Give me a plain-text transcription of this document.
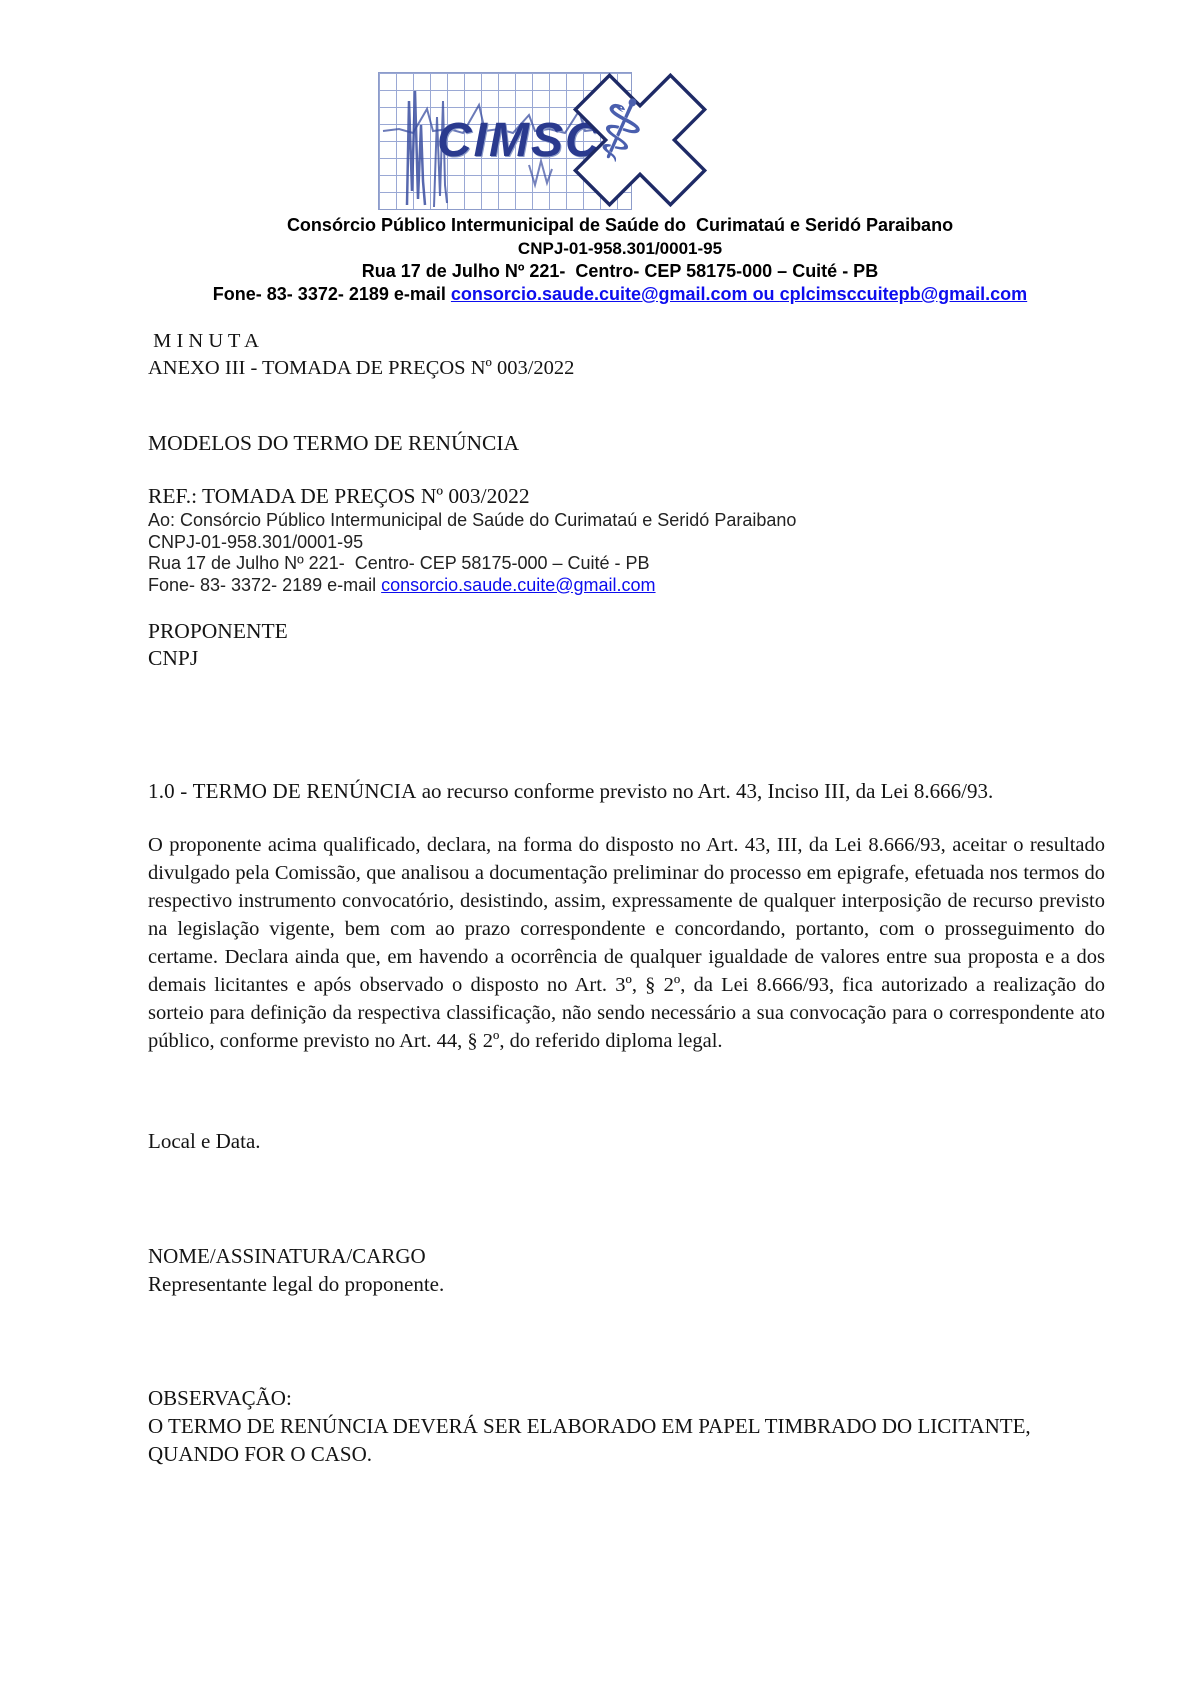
CIMSC
⚕
Consórcio Público Intermunicipal de Saúde do  Curimataú e Seridó Paraibano
CNPJ-01-958.301/0001-95
Rua 17 de Julho Nº 221-  Centro- CEP 58175-000 – Cuité - PB
Fone- 83- 3372- 2189 e-mail consorcio.saude.cuite@gmail.com ou cplcimsccuitepb@gmail.com
M I N U T A
ANEXO III - TOMADA DE PREÇOS Nº 003/2022
MODELOS DO TERMO DE RENÚNCIA
REF.: TOMADA DE PREÇOS Nº 003/2022
Ao: Consórcio Público Intermunicipal de Saúde do Curimataú e Seridó Paraibano
CNPJ-01-958.301/0001-95
Rua 17 de Julho Nº 221-  Centro- CEP 58175-000 – Cuité - PB
Fone- 83- 3372- 2189 e-mail consorcio.saude.cuite@gmail.com
PROPONENTE
CNPJ
1.0 - TERMO DE RENÚNCIA ao recurso conforme previsto no Art. 43, Inciso III, da Lei 8.666/93.
O proponente acima qualificado, declara, na forma do disposto no Art. 43, III, da Lei 8.666/93, aceitar o resultado divulgado pela Comissão, que analisou a documentação preliminar do processo em epigrafe, efetuada nos termos do respectivo instrumento convocatório, desistindo, assim, expressamente de qualquer interposição de recurso previsto na legislação vigente, bem com ao prazo correspondente e concordando, portanto, com o prosseguimento do certame. Declara ainda que, em havendo a ocorrência de qualquer igualdade de valores entre sua proposta e a dos demais licitantes e após observado o disposto no Art. 3º, § 2º, da Lei 8.666/93, fica autorizado a realização do sorteio para definição da respectiva classificação, não sendo necessário a sua convocação para o correspondente ato público, conforme previsto no Art. 44, § 2º, do referido diploma legal.
Local e Data.
NOME/ASSINATURA/CARGO
Representante legal do proponente.
OBSERVAÇÃO:
O TERMO DE RENÚNCIA DEVERÁ SER ELABORADO EM PAPEL TIMBRADO DO LICITANTE, QUANDO FOR O CASO.
